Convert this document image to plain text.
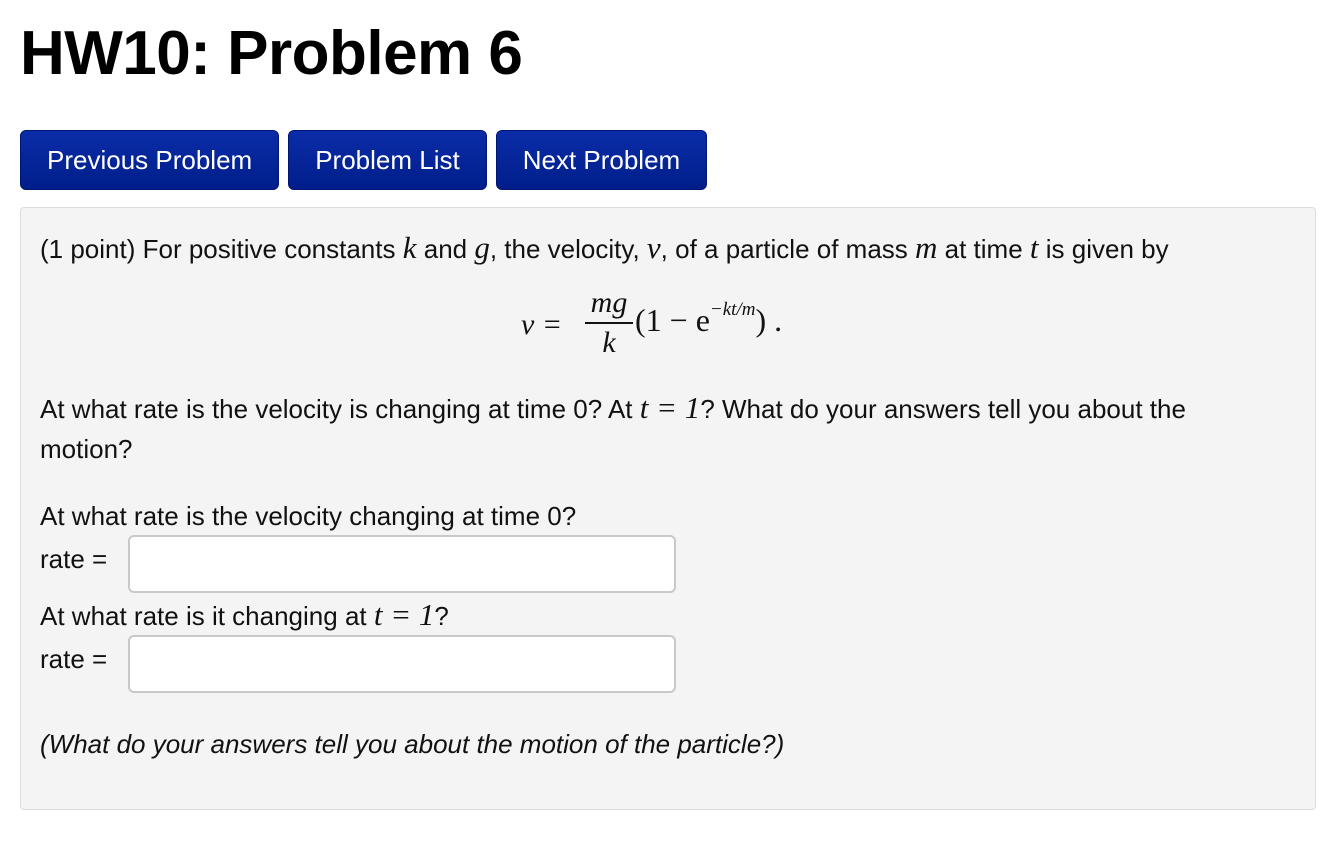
HW10: Problem 6
Previous Problem	Problem List	Next Problem

(1 point) For positive constants k and g, the velocity, v, of a particle of mass m at time t is given by

v =
mg
k
$(1 - e^{-kt/m})$ .

At what rate is the velocity is changing at time 0? At t = 1? What do your answers tell you about the
motion?

At what rate is the velocity changing at time 0?

rate =

At what rate is it changing at t = 1?

rate =

(What do your answers tell you about the motion of the particle?)
